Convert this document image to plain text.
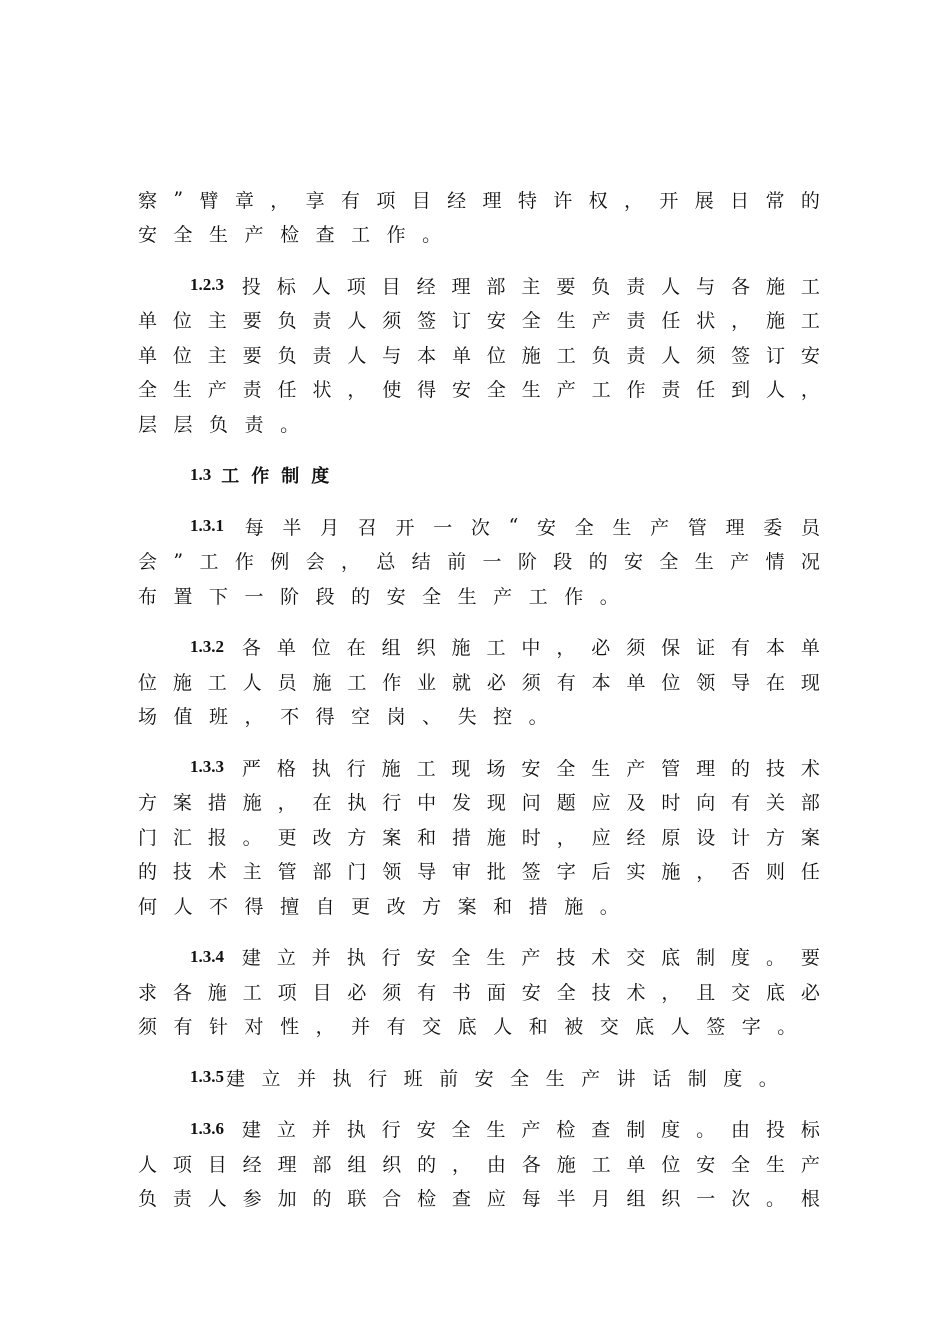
察 ” 臂 章 ， 享 有 项 目 经 理 特 许 权 ， 开 展 日 常 的
安 全 生 产 检 查 工 作 。
1.2.3 投 标 人 项 目 经 理 部 主 要 负 责 人 与 各 施 工
单 位 主 要 负 责 人 须 签 订 安 全 生 产 责 任 状 ， 施 工
单 位 主 要 负 责 人 与 本 单 位 施 工 负 责 人 须 签 订 安
全 生 产 责 任 状 ， 使 得 安 全 生 产 工 作 责 任 到 人 ，
层 层 负 责 。
1.3 工作制度
1.3.1 每 半 月 召 开 一 次 “ 安 全 生 产 管 理 委 员
会 ” 工 作 例 会 ， 总 结 前 一 阶 段 的 安 全 生 产 情 况
布 置 下 一 阶 段 的 安 全 生 产 工 作 。
1.3.2 各 单 位 在 组 织 施 工 中 ， 必 须 保 证 有 本 单
位 施 工 人 员 施 工 作 业 就 必 须 有 本 单 位 领 导 在 现
场 值 班 ， 不 得 空 岗 、 失 控 。
1.3.3 严 格 执 行 施 工 现 场 安 全 生 产 管 理 的 技 术
方 案 措 施 ， 在 执 行 中 发 现 问 题 应 及 时 向 有 关 部
门 汇 报 。 更 改 方 案 和 措 施 时 ， 应 经 原 设 计 方 案
的 技 术 主 管 部 门 领 导 审 批 签 字 后 实 施 ， 否 则 任
何 人 不 得 擅 自 更 改 方 案 和 措 施 。
1.3.4 建 立 并 执 行 安 全 生 产 技 术 交 底 制 度 。 要
求 各 施 工 项 目 必 须 有 书 面 安 全 技 术 ， 且 交 底 必
须 有 针 对 性 ， 并 有 交 底 人 和 被 交 底 人 签 字 。
1.3.5 建 立 并 执 行 班 前 安 全 生 产 讲 话 制 度 。
1.3.6 建 立 并 执 行 安 全 生 产 检 查 制 度 。 由 投 标
人 项 目 经 理 部 组 织 的 ， 由 各 施 工 单 位 安 全 生 产
负 责 人 参 加 的 联 合 检 查 应 每 半 月 组 织 一 次 。 根
